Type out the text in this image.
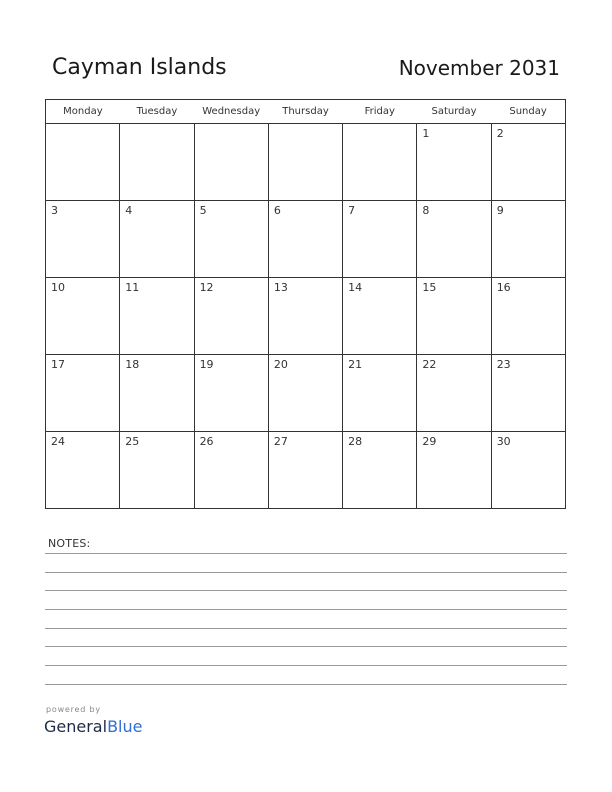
Cayman Islands	November 2031
Monday	Tuesday	Wednesday	Thursday	Friday	Saturday	Sunday

					1	2

3	4	5	6	7	8	9

10	11	12	13	14	15	16

17	18	19	20	21	22	23

24	25	26	27	28	29	30
NOTES:
powered by
GeneralBlue
